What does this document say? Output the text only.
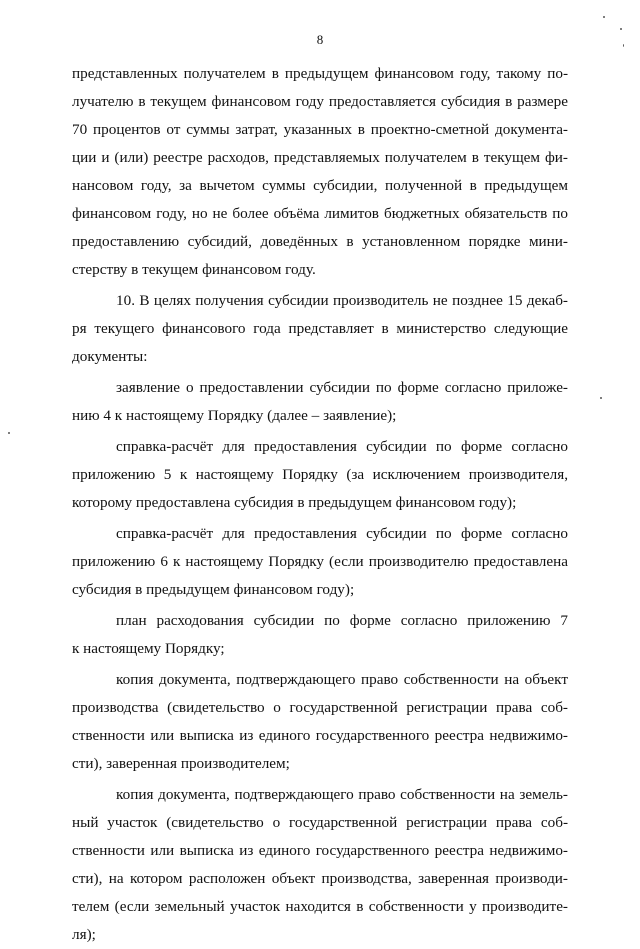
8
представленных получателем в предыдущем финансовом году, такому по-
лучателю в текущем финансовом году предоставляется субсидия в размере
70 процентов от суммы затрат, указанных в проектно-сметной документа-
ции и (или) реестре расходов, представляемых получателем в текущем фи-
нансовом году, за вычетом суммы субсидии, полученной в предыдущем
финансовом году, но не более объёма лимитов бюджетных обязательств по
предоставлению субсидий, доведённых в установленном порядке мини-
стерству в текущем финансовом году.
10. В целях получения субсидии производитель не позднее 15 декаб-
ря текущего финансового года представляет в министерство следующие
документы:
заявление о предоставлении субсидии по форме согласно приложе-
нию 4 к настоящему Порядку (далее – заявление);
справка-расчёт для предоставления субсидии по форме согласно
приложению 5 к настоящему Порядку (за исключением производителя,
которому предоставлена субсидия в предыдущем финансовом году);
справка-расчёт для предоставления субсидии по форме согласно
приложению 6 к настоящему Порядку (если производителю предоставлена
субсидия в предыдущем финансовом году);
план расходования субсидии по форме согласно приложению 7
к настоящему Порядку;
копия документа, подтверждающего право собственности на объект
производства (свидетельство о государственной регистрации права соб-
ственности или выписка из единого государственного реестра недвижимо-
сти), заверенная производителем;
копия документа, подтверждающего право собственности на земель-
ный участок (свидетельство о государственной регистрации права соб-
ственности или выписка из единого государственного реестра недвижимо-
сти), на котором расположен объект производства, заверенная производи-
телем (если земельный участок находится в собственности у производите-
ля);
